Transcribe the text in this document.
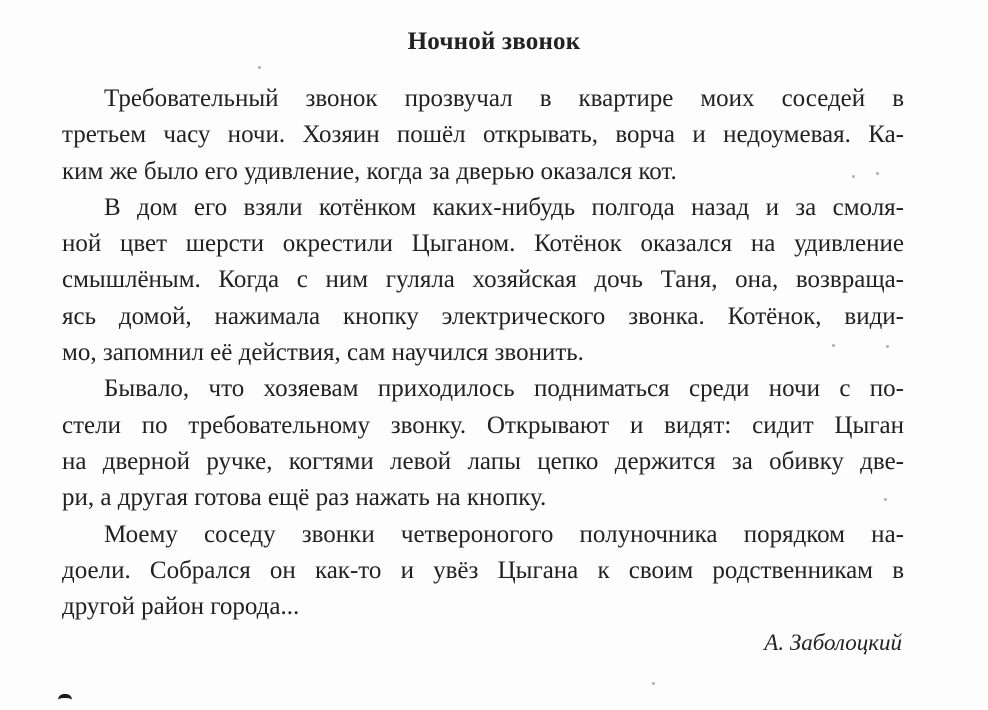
Ночной звонок
Требовательный звонок прозвучал в квартире моих соседей в
третьем часу ночи. Хозяин пошёл открывать, ворча и недоумевая. Ка-
ким же было его удивление, когда за дверью оказался кот.
В дом его взяли котёнком каких-нибудь полгода назад и за смоля-
ной цвет шерсти окрестили Цыганом. Котёнок оказался на удивление
смышлёным. Когда с ним гуляла хозяйская дочь Таня, она, возвраща-
ясь домой, нажимала кнопку электрического звонка. Котёнок, види-
мо, запомнил её действия, сам научился звонить.
Бывало, что хозяевам приходилось подниматься среди ночи с по-
стели по требовательному звонку. Открывают и видят: сидит Цыган
на дверной ручке, когтями левой лапы цепко держится за обивку две-
ри, а другая готова ещё раз нажать на кнопку.
Моему соседу звонки четвероногого полуночника порядком на-
доели. Собрался он как-то и увёз Цыгана к своим родственникам в
другой район города...
А. Заболоцкий
